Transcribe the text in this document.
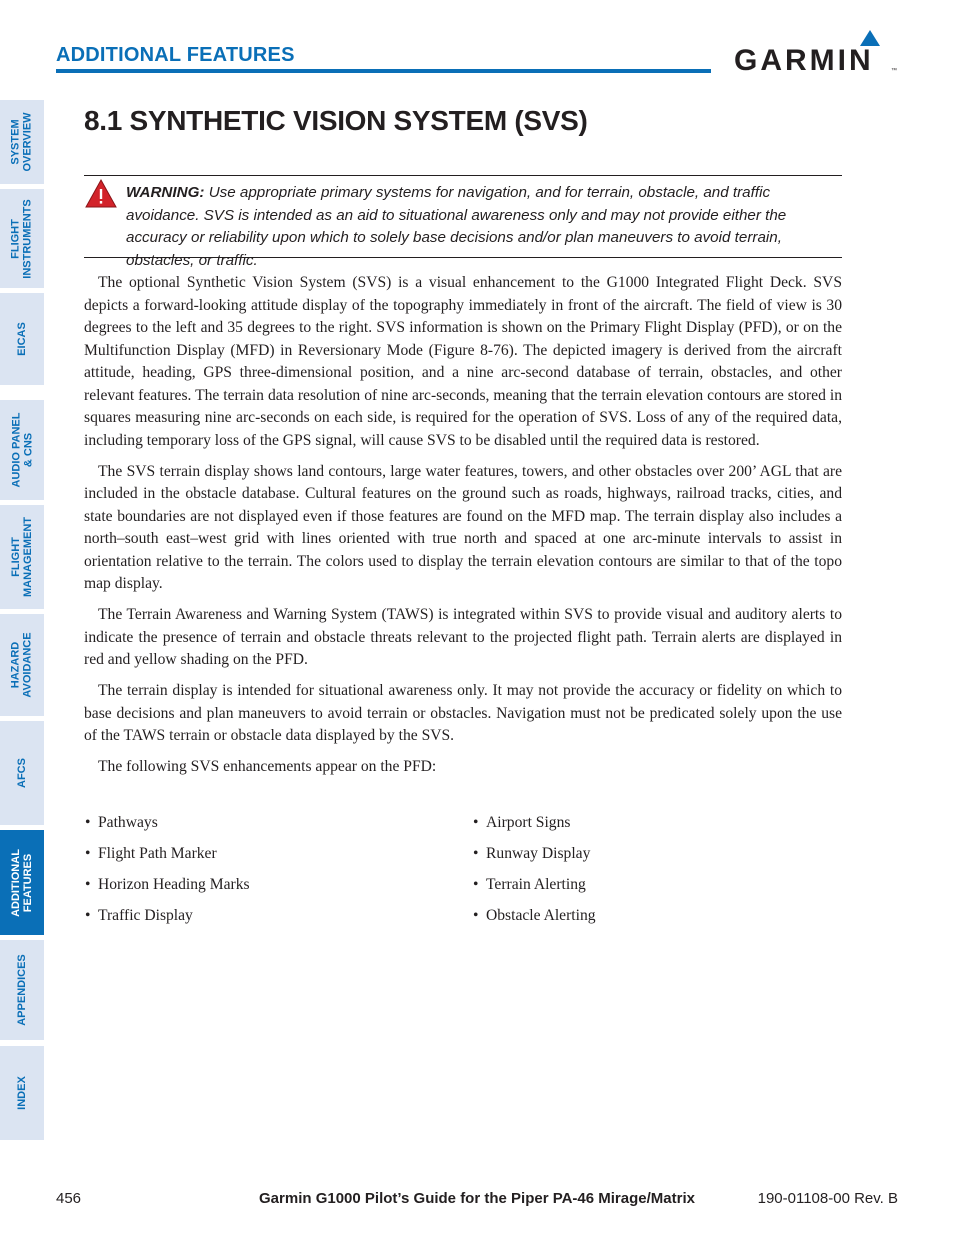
ADDITIONAL FEATURES	GARMIN	™
SYSTEM
OVERVIEW
FLIGHT
INSTRUMENTS
EICAS
AUDIO PANEL
& CNS
FLIGHT
MANAGEMENT
HAZARD
AVOIDANCE
AFCS
ADDITIONAL
FEATURES
APPENDICES
INDEX
8.1 SYNTHETIC VISION SYSTEM (SVS)
WARNING: Use appropriate primary systems for navigation, and for terrain, obstacle, and traffic avoidance. SVS is intended as an aid to situational awareness only and may not provide either the accuracy or reliability upon which to solely base decisions and/or plan maneuvers to avoid terrain, obstacles, or traffic.

The optional Synthetic Vision System (SVS) is a visual enhancement to the G1000 Integrated Flight Deck. SVS depicts a forward-looking attitude display of the topography immediately in front of the aircraft. The field of view is 30 degrees to the left and 35 degrees to the right. SVS information is shown on the Primary Flight Display (PFD), or on the Multifunction Display (MFD) in Reversionary Mode (Figure 8-76). The depicted imagery is derived from the aircraft attitude, heading, GPS three-dimensional position, and a nine arc-second database of terrain, obstacles, and other relevant features. The terrain data resolution of nine arc-seconds, meaning that the terrain elevation contours are stored in squares measuring nine arc-seconds on each side, is required for the operation of SVS. Loss of any of the required data, including temporary loss of the GPS signal, will cause SVS to be disabled until the required data is restored.

The SVS terrain display shows land contours, large water features, towers, and other obstacles over 200’ AGL that are included in the obstacle database. Cultural features on the ground such as roads, highways, railroad tracks, cities, and state boundaries are not displayed even if those features are found on the MFD map. The terrain display also includes a north–south east–west grid with lines oriented with true north and spaced at one arc-minute intervals to assist in orientation relative to the terrain. The colors used to display the terrain elevation contours are similar to that of the topo map display.

The Terrain Awareness and Warning System (TAWS) is integrated within SVS to provide visual and auditory alerts to indicate the presence of terrain and obstacle threats relevant to the projected flight path. Terrain alerts are displayed in red and yellow shading on the PFD.

The terrain display is intended for situational awareness only. It may not provide the accuracy or fidelity on which to base decisions and plan maneuvers to avoid terrain or obstacles. Navigation must not be predicated solely upon the use of the TAWS terrain or obstacle data displayed by the SVS.

The following SVS enhancements appear on the PFD:

• Pathways
• Flight Path Marker
• Horizon Heading Marks
• Traffic Display
• Airport Signs
• Runway Display
• Terrain Alerting
• Obstacle Alerting
Garmin G1000 Pilot’s Guide for the Piper PA-46 Mirage/Matrix
456	190-01108-00 Rev. B
